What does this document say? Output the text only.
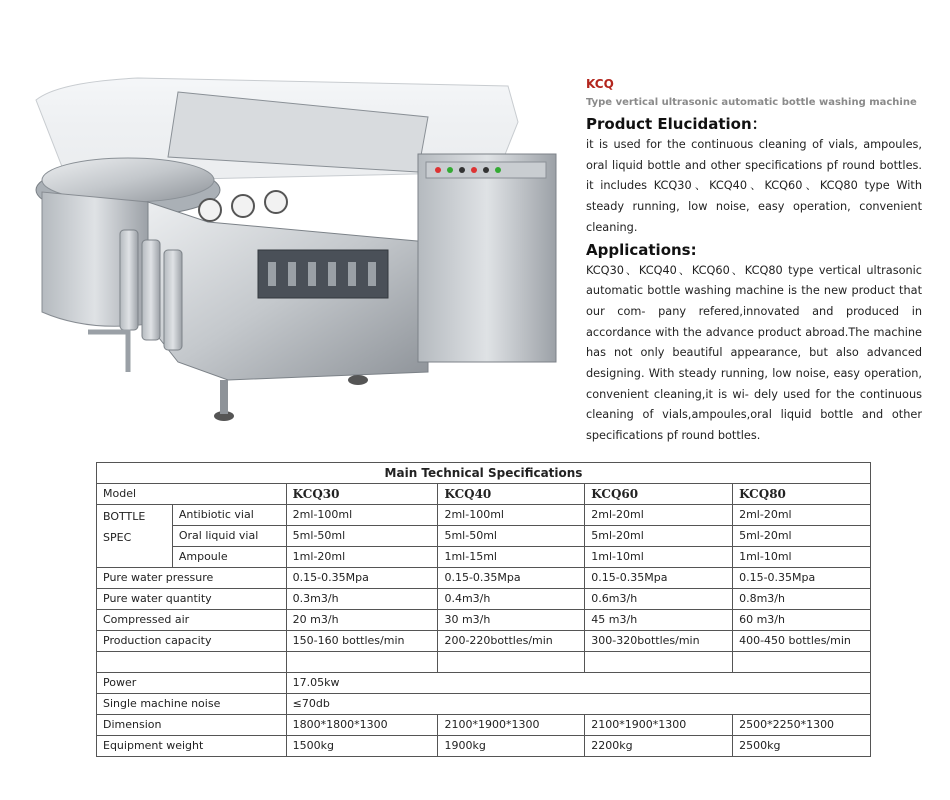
KCQ

Type vertical ultrasonic automatic bottle washing machine

Product Elucidation：

it is used for the continuous cleaning of vials, ampoules, oral liquid bottle and other specifications pf round bottles. it includes KCQ30、KCQ40、KCQ60、KCQ80 type With steady running, low noise, easy operation, convenient cleaning.

Applications:

KCQ30、KCQ40、KCQ60、KCQ80 type vertical ultrasonic automatic bottle washing machine is the new product that our com- pany refered,innovated and produced in accordance with the advance product abroad.The machine has not only beautiful appearance, but also advanced designing. With steady running, low noise, easy operation, convenient cleaning,it is wi- dely used for the continuous cleaning of vials,ampoules,oral liquid bottle and other specifications pf round bottles.

Main Technical Specifications					
Model		KCQ30	KCQ40	KCQ60	KCQ80
BOTTLE
SPEC	Antibiotic vial	2ml-100ml	2ml-100ml	2ml-20ml	2ml-20ml
	Oral liquid vial	5ml-50ml	5ml-50ml	5ml-20ml	5ml-20ml
	Ampoule	1ml-20ml	1ml-15ml	1ml-10ml	1ml-10ml
Pure water pressure		0.15-0.35Mpa	0.15-0.35Mpa	0.15-0.35Mpa	0.15-0.35Mpa
Pure water quantity		0.3m3/h	0.4m3/h	0.6m3/h	0.8m3/h
Compressed air		20 m3/h	30 m3/h	45 m3/h	60 m3/h
Production capacity		150-160 bottles/min	200-220bottles/min	300-320bottles/min	400-450 bottles/min

Power		17.05kw			
Single machine noise		≤70db			
Dimension		1800*1800*1300	2100*1900*1300	2100*1900*1300	2500*2250*1300
Equipment weight		1500kg	1900kg	2200kg	2500kg
